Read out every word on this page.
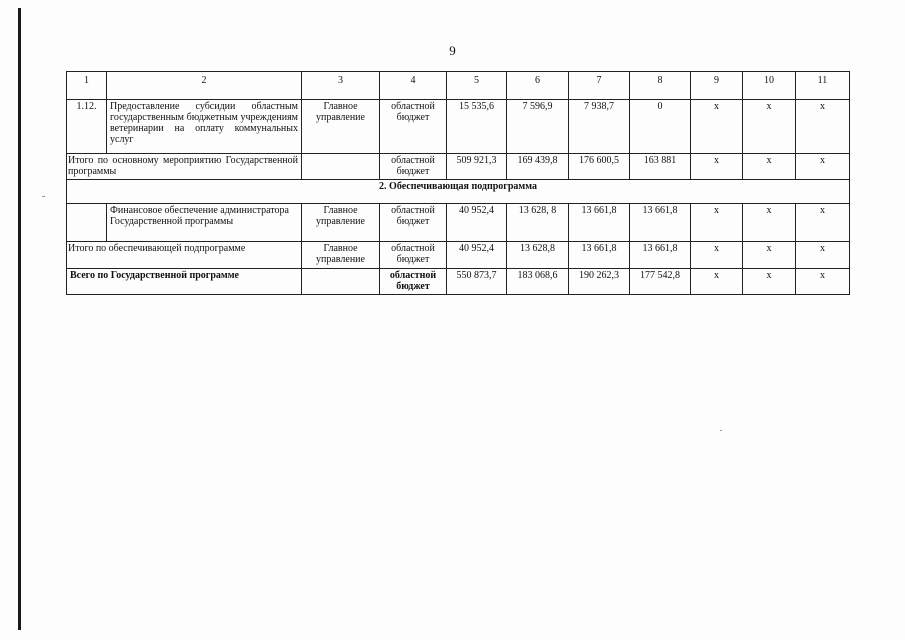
9
1	2	3	4	5	6	7	8	9	10	11
1.12.	Предоставление субсидии областным государственным бюджетным учреждениям ветеринарии на оплату коммунальных услуг	Главное управление	областной бюджет	15 535,6	7 596,9	7 938,7	0	х	х	х
Итого по основному мероприятию Государственной программы			областной бюджет	509 921,3	169 439,8	176 600,5	163 881	х	х	х
2. Обеспечивающая подпрограмма										
	Финансовое обеспечение администратора Государственной программы	Главное управление	областной бюджет	40 952,4	13 628, 8	13 661,8	13 661,8	х	х	х
Итого по обеспечивающей подпрограмме		Главное управление	областной бюджет	40 952,4	13 628,8	13 661,8	13 661,8	х	х	х
Всего по Государственной программе			областной бюджет	550 873,7	183 068,6	190 262,3	177 542,8	х	х	х
